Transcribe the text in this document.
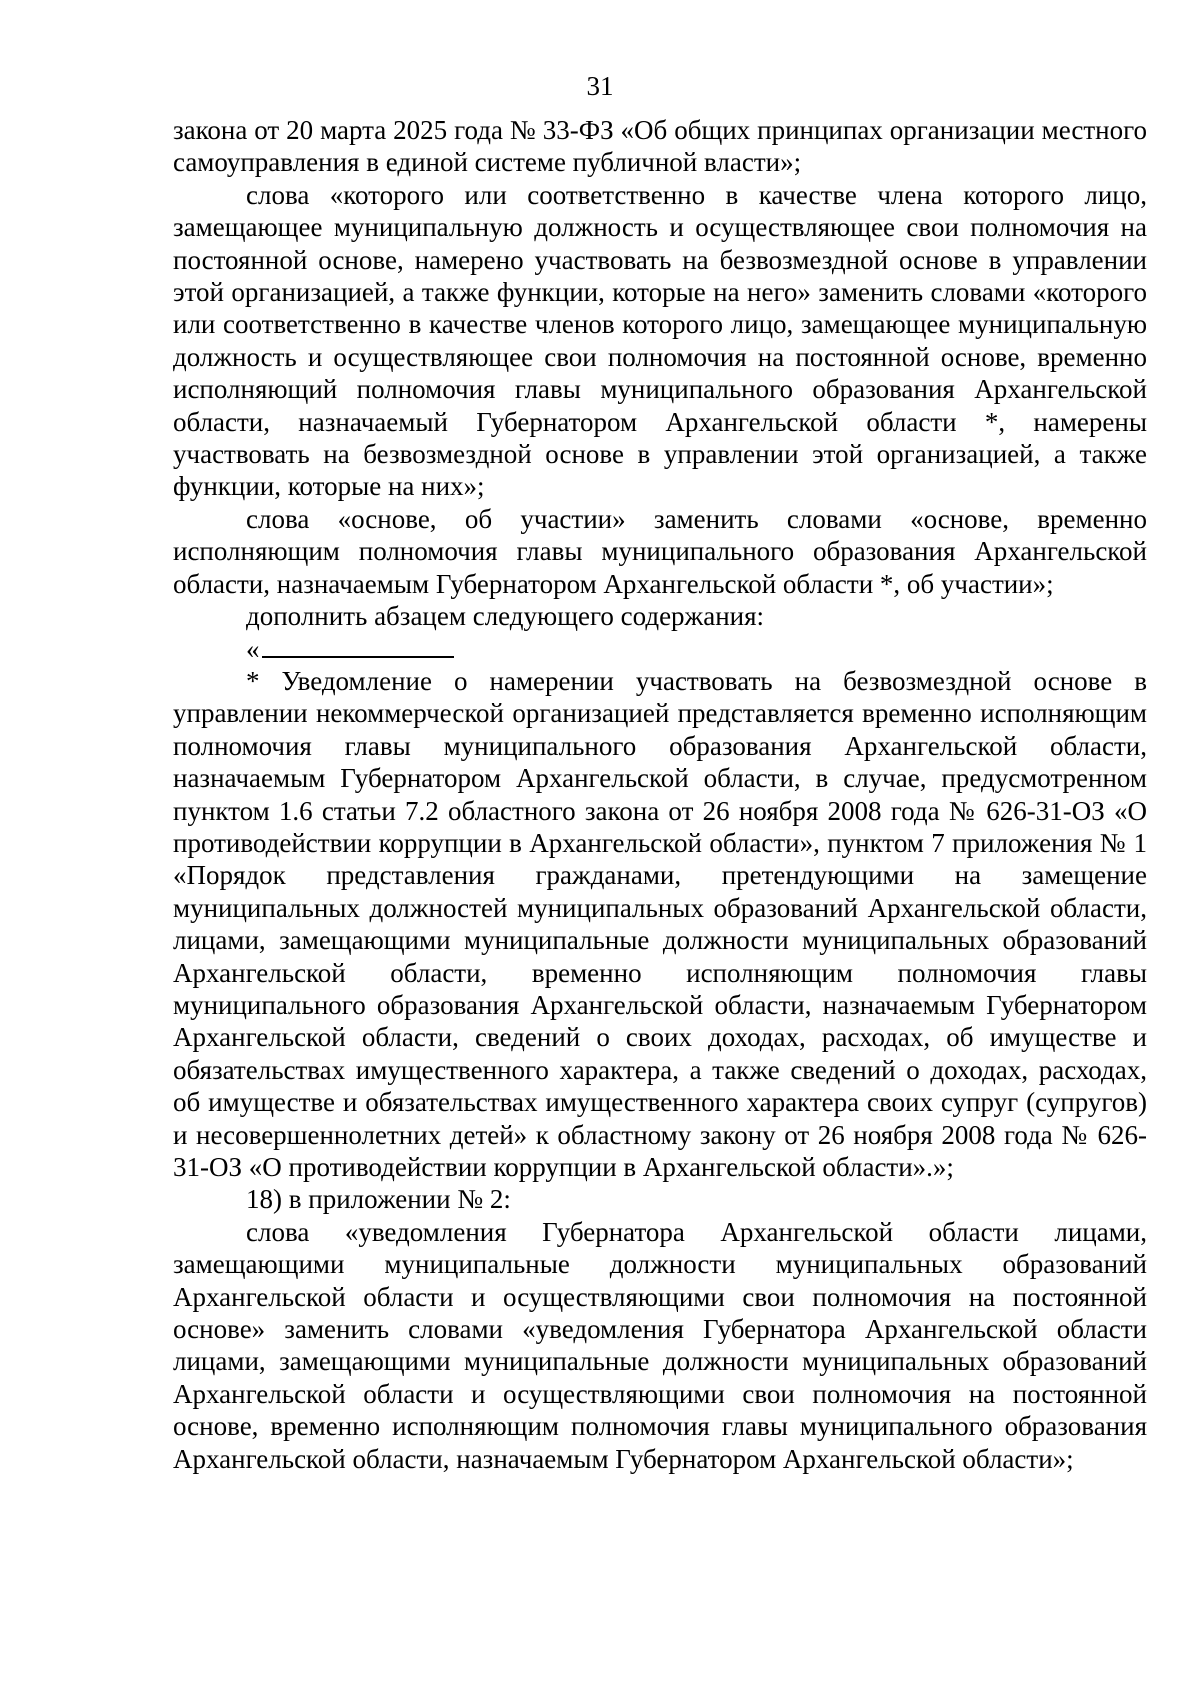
31

закона от 20 марта 2025 года № 33-ФЗ «Об общих принципах организации местного самоуправления в единой системе публичной власти»;

слова «которого или соответственно в качестве члена которого лицо, замещающее муниципальную должность и осуществляющее свои полномочия на постоянной основе, намерено участвовать на безвозмездной основе в управлении этой организацией, а также функции, которые на него» заменить словами «которого или соответственно в качестве членов которого лицо, замещающее муниципальную должность и осуществляющее свои полномочия на постоянной основе, временно исполняющий полномочия главы муниципального образования Архангельской области, назначаемый Губернатором Архангельской области *, намерены участвовать на безвозмездной основе в управлении этой организацией, а также функции, которые на них»;

слова «основе, об участии» заменить словами «основе, временно исполняющим полномочия главы муниципального образования Архангельской области, назначаемым Губернатором Архангельской области *, об участии»;

дополнить абзацем следующего содержания:

«

* Уведомление о намерении участвовать на безвозмездной основе в управлении некоммерческой организацией представляется временно исполняющим полномочия главы муниципального образования Архангельской области, назначаемым Губернатором Архангельской области, в случае, предусмотренном пунктом 1.6 статьи 7.2 областного закона от 26 ноября 2008 года № 626-31-ОЗ «О противодействии коррупции в Архангельской области», пунктом 7 приложения № 1 «Порядок представления гражданами, претендующими на замещение муниципальных должностей муниципальных образований Архангельской области, лицами, замещающими муниципальные должности муниципальных образований Архангельской области, временно исполняющим полномочия главы муниципального образования Архангельской области, назначаемым Губернатором Архангельской области, сведений о своих доходах, расходах, об имуществе и обязательствах имущественного характера, а также сведений о доходах, расходах, об имуществе и обязательствах имущественного характера своих супруг (супругов) и несовершеннолетних детей» к областному закону от 26 ноября 2008 года № 626-31-ОЗ «О противодействии коррупции в Архангельской области».»;

18) в приложении № 2:

слова «уведомления Губернатора Архангельской области лицами, замещающими муниципальные должности муниципальных образований Архангельской области и осуществляющими свои полномочия на постоянной основе» заменить словами «уведомления Губернатора Архангельской области лицами, замещающими муниципальные должности муниципальных образований Архангельской области и осуществляющими свои полномочия на постоянной основе, временно исполняющим полномочия главы муниципального образования Архангельской области, назначаемым Губернатором Архангельской области»;
